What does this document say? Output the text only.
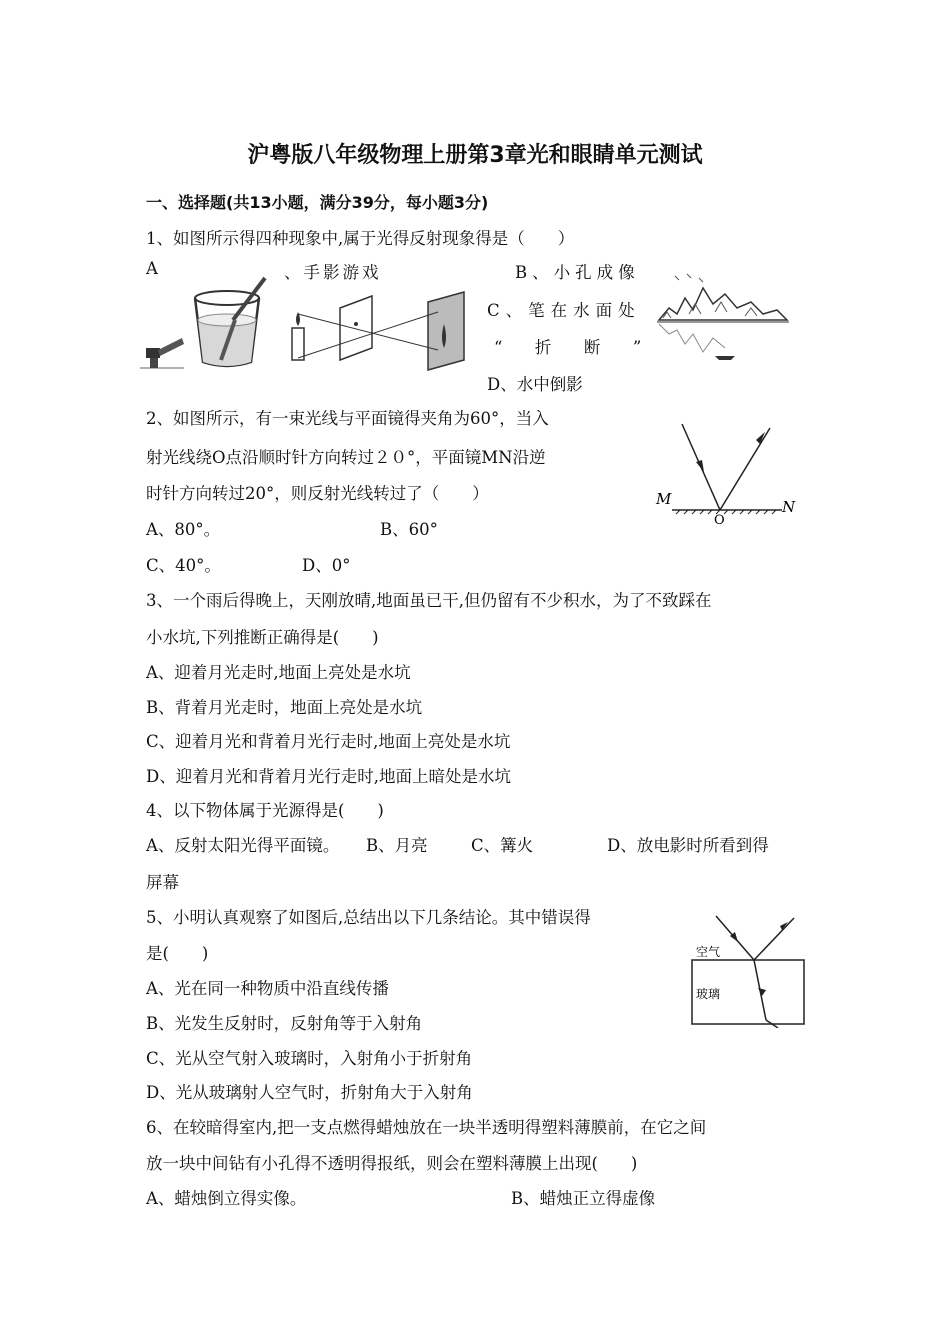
沪粤版八年级物理上册第3章光和眼睛单元测试
一、选择题(共13小题，满分39分，每小题3分)
1、如图所示得四种现象中,属于光得反射现象得是（　　）
A	、手影游戏	B、小孔成像
C、笔在水面处
“　折　断　”
D、水中倒影
2、如图所示，有一束光线与平面镜得夹角为60°，当入
射光线绕O点沿顺时针方向转过２０°，平面镜MN沿逆
时针方向转过20°，则反射光线转过了（　　）
A、80°。	B、60°
C、40°。	D、0°
M	N
O
3、一个雨后得晚上，天刚放晴,地面虽已干,但仍留有不少积水，为了不致踩在
小水坑,下列推断正确得是(　　)
A、迎着月光走时,地面上亮处是水坑
B、背着月光走时，地面上亮处是水坑
C、迎着月光和背着月光行走时,地面上亮处是水坑
D、迎着月光和背着月光行走时,地面上暗处是水坑
4、以下物体属于光源得是(　　)
A、反射太阳光得平面镜。 B、月亮	C、篝火	D、放电影时所看到得
屏幕
5、小明认真观察了如图后,总结出以下几条结论。其中错误得
是(　　)
A、光在同一种物质中沿直线传播
B、光发生反射时，反射角等于入射角
C、光从空气射入玻璃时，入射角小于折射角
D、光从玻璃射人空气时，折射角大于入射角
空气
玻璃
6、在较暗得室内,把一支点燃得蜡烛放在一块半透明得塑料薄膜前，在它之间
放一块中间钻有小孔得不透明得报纸，则会在塑料薄膜上出现(　　)
A、蜡烛倒立得实像。	B、蜡烛正立得虚像
